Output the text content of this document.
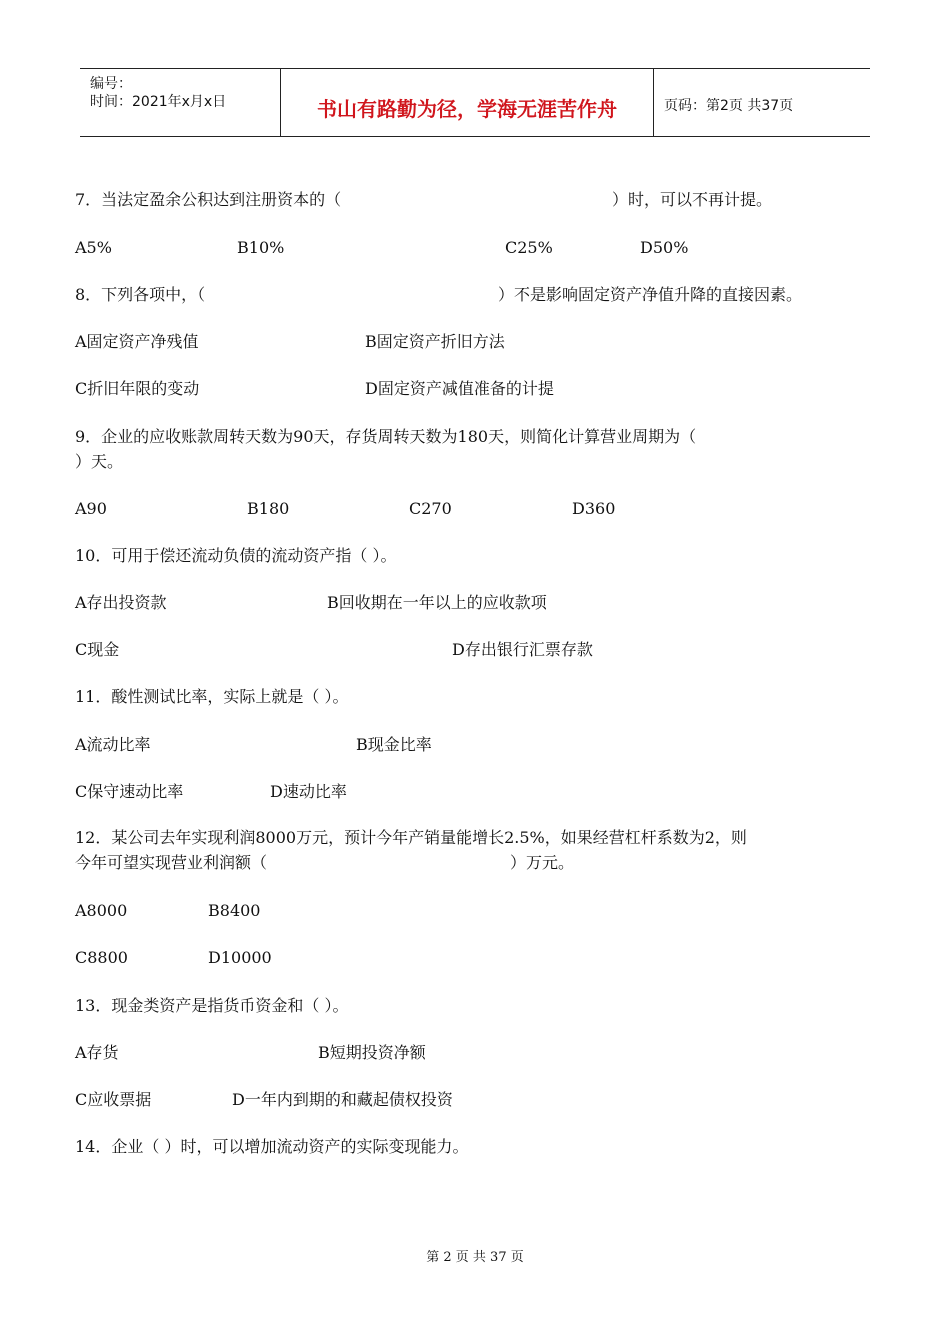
编号：
时间：2021年x月x日	书山有路勤为径，学海无涯苦作舟	页码：第2页 共37页
7．当法定盈余公积达到注册资本的（	）时，可以不再计提。
A5%	B10%	C25%	D50%
8．下列各项中，（	）不是影响固定资产净值升降的直接因素。
A固定资产净残值	B固定资产折旧方法
C折旧年限的变动	D固定资产减值准备的计提
9．企业的应收账款周转天数为90天，存货周转天数为180天，则简化计算营业周期为（
）天。
A90	B180	C270	D360
10．可用于偿还流动负债的流动资产指（ ）。
A存出投资款	B回收期在一年以上的应收款项
C现金	D存出银行汇票存款
11．酸性测试比率，实际上就是（ ）。
A流动比率	B现金比率
C保守速动比率	D速动比率
12．某公司去年实现利润8000万元，预计今年产销量能增长2.5%，如果经营杠杆系数为2，则
今年可望实现营业利润额（	）万元。
A8000	B8400
C8800	D10000
13．现金类资产是指货币资金和（ ）。
A存货	B短期投资净额
C应收票据	D一年内到期的和藏起债权投资
14．企业（ ）时，可以增加流动资产的实际变现能力。
第 2 页 共 37 页
